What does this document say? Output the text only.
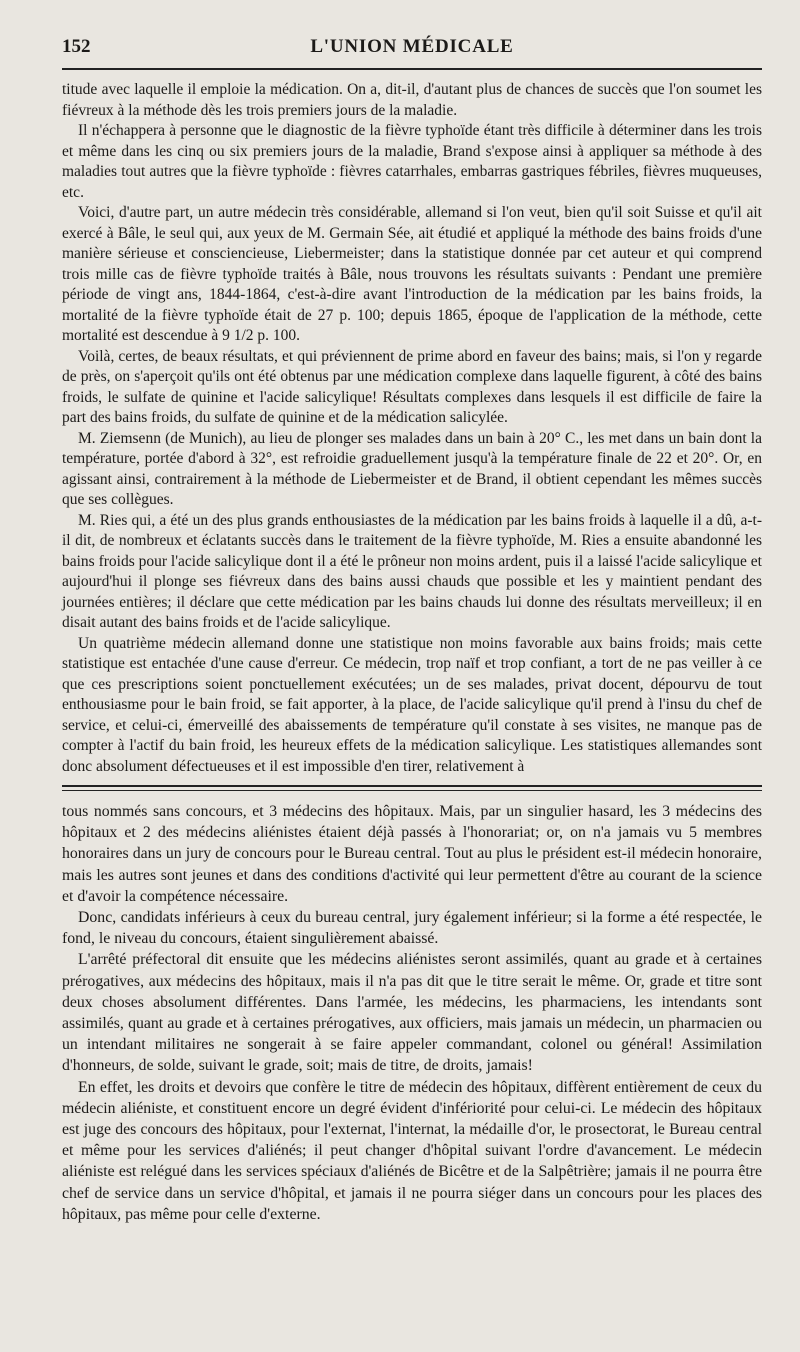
152	L'UNION MÉDICALE

titude avec laquelle il emploie la médication. On a, dit-il, d'autant plus de chances de succès que l'on soumet les fiévreux à la méthode dès les trois premiers jours de la maladie.

Il n'échappera à personne que le diagnostic de la fièvre typhoïde étant très difficile à déterminer dans les trois et même dans les cinq ou six premiers jours de la maladie, Brand s'expose ainsi à appliquer sa méthode à des maladies tout autres que la fièvre typhoïde : fièvres catarrhales, embarras gastriques fébriles, fièvres muqueuses, etc.

Voici, d'autre part, un autre médecin très considérable, allemand si l'on veut, bien qu'il soit Suisse et qu'il ait exercé à Bâle, le seul qui, aux yeux de M. Germain Sée, ait étudié et appliqué la méthode des bains froids d'une manière sérieuse et consciencieuse, Liebermeister; dans la statistique donnée par cet auteur et qui comprend trois mille cas de fièvre typhoïde traités à Bâle, nous trouvons les résultats suivants : Pendant une première période de vingt ans, 1844-1864, c'est-à-dire avant l'introduction de la médication par les bains froids, la mortalité de la fièvre typhoïde était de 27 p. 100; depuis 1865, époque de l'application de la méthode, cette mortalité est descendue à 9 1/2 p. 100.

Voilà, certes, de beaux résultats, et qui préviennent de prime abord en faveur des bains; mais, si l'on y regarde de près, on s'aperçoit qu'ils ont été obtenus par une médication complexe dans laquelle figurent, à côté des bains froids, le sulfate de quinine et l'acide salicylique! Résultats complexes dans lesquels il est difficile de faire la part des bains froids, du sulfate de quinine et de la médication salicylée.

M. Ziemsenn (de Munich), au lieu de plonger ses malades dans un bain à 20° C., les met dans un bain dont la température, portée d'abord à 32°, est refroidie graduellement jusqu'à la température finale de 22 et 20°. Or, en agissant ainsi, contrairement à la méthode de Liebermeister et de Brand, il obtient cependant les mêmes succès que ses collègues.

M. Ries qui, a été un des plus grands enthousiastes de la médication par les bains froids à laquelle il a dû, a-t-il dit, de nombreux et éclatants succès dans le traitement de la fièvre typhoïde, M. Ries a ensuite abandonné les bains froids pour l'acide salicylique dont il a été le prôneur non moins ardent, puis il a laissé l'acide salicylique et aujourd'hui il plonge ses fiévreux dans des bains aussi chauds que possible et les y maintient pendant des journées entières; il déclare que cette médication par les bains chauds lui donne des résultats merveilleux; il en disait autant des bains froids et de l'acide salicylique.

Un quatrième médecin allemand donne une statistique non moins favorable aux bains froids; mais cette statistique est entachée d'une cause d'erreur. Ce médecin, trop naïf et trop confiant, a tort de ne pas veiller à ce que ces prescriptions soient ponctuellement exécutées; un de ses malades, privat docent, dépourvu de tout enthousiasme pour le bain froid, se fait apporter, à la place, de l'acide salicylique qu'il prend à l'insu du chef de service, et celui-ci, émerveillé des abaissements de température qu'il constate à ses visites, ne manque pas de compter à l'actif du bain froid, les heureux effets de la médication salicylique. Les statistiques allemandes sont donc absolument défectueuses et il est impossible d'en tirer, relativement à

tous nommés sans concours, et 3 médecins des hôpitaux. Mais, par un singulier hasard, les 3 médecins des hôpitaux et 2 des médecins aliénistes étaient déjà passés à l'honorariat; or, on n'a jamais vu 5 membres honoraires dans un jury de concours pour le Bureau central. Tout au plus le président est-il médecin honoraire, mais les autres sont jeunes et dans des conditions d'activité qui leur permettent d'être au courant de la science et d'avoir la compétence nécessaire.

Donc, candidats inférieurs à ceux du bureau central, jury également inférieur; si la forme a été respectée, le fond, le niveau du concours, étaient singulièrement abaissé.

L'arrêté préfectoral dit ensuite que les médecins aliénistes seront assimilés, quant au grade et à certaines prérogatives, aux médecins des hôpitaux, mais il n'a pas dit que le titre serait le même. Or, grade et titre sont deux choses absolument différentes. Dans l'armée, les médecins, les pharmaciens, les intendants sont assimilés, quant au grade et à certaines prérogatives, aux officiers, mais jamais un médecin, un pharmacien ou un intendant militaires ne songerait à se faire appeler commandant, colonel ou général! Assimilation d'honneurs, de solde, suivant le grade, soit; mais de titre, de droits, jamais!

En effet, les droits et devoirs que confère le titre de médecin des hôpitaux, diffèrent entièrement de ceux du médecin aliéniste, et constituent encore un degré évident d'infériorité pour celui-ci. Le médecin des hôpitaux est juge des concours des hôpitaux, pour l'externat, l'internat, la médaille d'or, le prosectorat, le Bureau central et même pour les services d'aliénés; il peut changer d'hôpital suivant l'ordre d'avancement. Le médecin aliéniste est relégué dans les services spéciaux d'aliénés de Bicêtre et de la Salpêtrière; jamais il ne pourra être chef de service dans un service d'hôpital, et jamais il ne pourra siéger dans un concours pour les places des hôpitaux, pas même pour celle d'externe.
